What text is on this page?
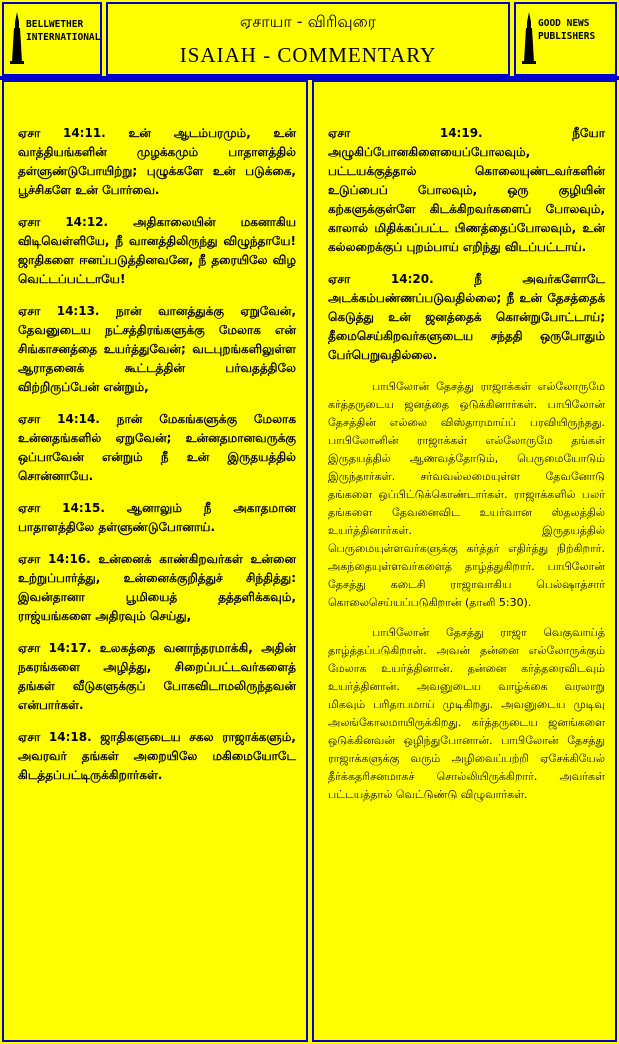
BELLWETHER
INTERNATIONAL
ஏசாயா - விரிவுரை
ISAIAH - COMMENTARY
GOOD NEWS
PUBLISHERS

ஏசா 14:11. உன் ஆடம்பரமும், உன் வாத்தியங்களின் முழக்கமும் பாதாளத்தில் தள்ளுண்டுபோயிற்று; புழுக்களே உன் படுக்கை, பூச்சிகளே உன் போர்வை.

ஏசா 14:12. அதிகாலையின் மகனாகிய விடிவெள்ளியே, நீ வானத்திலிருந்து விழுந்தாயே! ஜாதிகளை ஈனப்படுத்தினவனே, நீ தரையிலே விழ வெட்டப்பட்டாயே!

ஏசா 14:13. நான் வானத்துக்கு ஏறுவேன், தேவனுடைய நட்சத்திரங்களுக்கு மேலாக என் சிங்காசனத்தை உயர்த்துவேன்; வடபுறங்களிலுள்ள ஆராதனைக் கூட்டத்தின் பர்வதத்திலே விற்றிருப்பேன் என்றும்,

ஏசா 14:14. நான் மேகங்களுக்கு மேலாக உன்னதங்களில் ஏறுவேன்; உன்னதமானவருக்கு ஒப்பாவேன் என்றும் நீ உன் இருதயத்தில் சொன்னாயே.

ஏசா 14:15. ஆனாலும் நீ அகாதமான பாதாளத்திலே தள்ளுண்டுபோனாய்.

ஏசா 14:16. உன்னைக் காண்கிறவர்கள் உன்னை உற்றுப்பார்த்து, உன்னைக்குறித்துச் சிந்தித்து: இவன்தானா பூமியைத் தத்தளிக்கவும், ராஜ்யங்களை அதிரவும் செய்து,

ஏசா 14:17. உலகத்தை வனாந்தரமாக்கி, அதின் நகரங்களை அழித்து, சிறைப்பட்டவர்களைத் தங்கள் வீடுகளுக்குப் போகவிடாமலிருந்தவன் என்பார்கள்.

ஏசா 14:18. ஜாதிகளுடைய சகல ராஜாக்களும், அவரவர் தங்கள் அறையிலே மகிமையோடே கிடத்தப்பட்டிருக்கிறார்கள்.

ஏசா 14:19. நீயோ அழுகிப்போனகிளையைப்போலவும், பட்டயக்குத்தால் கொலையுண்டவர்களின் உடுப்பைப் போலவும், ஒரு குழியின் கற்களுக்குள்ளே கிடக்கிறவர்களைப் போலவும், காலால் மிதிக்கப்பட்ட பிணத்தைப்போலவும், உன் கல்லறைக்குப் புறம்பாய் எறிந்து விடப்பட்டாய்.

ஏசா 14:20. நீ அவர்களோடே அடக்கம்பண்ணப்படுவதில்லை; நீ உன் தேசத்தைக் கெடுத்து உன் ஜனத்தைக் கொன்றுபோட்டாய்; தீமைசெய்கிறவர்களுடைய சந்ததி ஒருபோதும் பேர்பெறுவதில்லை.

பாபிலோன் தேசத்து ராஜாக்கள் எல்லோருமே கர்த்தருடைய ஜனத்தை ஒடுக்கினார்கள். பாபிலோன் தேசத்தின் எல்லை விஸ்தாரமாய்ப் பரவியிருந்தது. பாபிலோனின் ராஜாக்கள் எல்லோருமே தங்கள் இருதயத்தில் ஆணவத்தோடும், பெருமையோடும் இருந்தார்கள். சர்வவல்லமையுள்ள தேவனோடு தங்களை ஒப்பிட்டுக்கொண்டார்கள். ராஜாக்களில் பலர் தங்களை தேவனைவிட உயர்வான ஸ்தலத்தில் உயர்த்தினார்கள். இருதயத்தில் பெருமையுள்ளவர்களுக்கு கர்த்தர் எதிர்த்து நிற்கிறார். அகந்தையுள்ளவர்களைத் தாழ்த்துகிறார். பாபிலோன் தேசத்து கடைசி ராஜாவாகிய பெல்ஷாத்சார் கொலைசெய்யப்படுகிறான் (தானி 5:30).

பாபிலோன் தேசத்து ராஜா வெகுவாய்த் தாழ்த்தப்படுகிறான். அவன் தன்னை எல்லோருக்கும் மேலாக உயர்த்தினான். தன்னை கர்த்தரைவிடவும் உயர்த்தினான். அவனுடைய வாழ்க்கை வரலாறு மிகவும் பரிதாபமாய் முடிகிறது. அவனுடைய முடிவு அலங்கோலமாயிருக்கிறது. கர்த்தருடைய ஜனங்களை ஒடுக்கினவன் ஒழிந்துபோனான். பாபிலோன் தேசத்து ராஜாக்களுக்கு வரும் அழிவைப்பற்றி ஏசேக்கியேல் தீர்க்கதரிசனமாகச் சொல்லியிருக்கிறார். அவர்கள் பட்டயத்தால் வெட்டுண்டு விழுவார்கள்.
